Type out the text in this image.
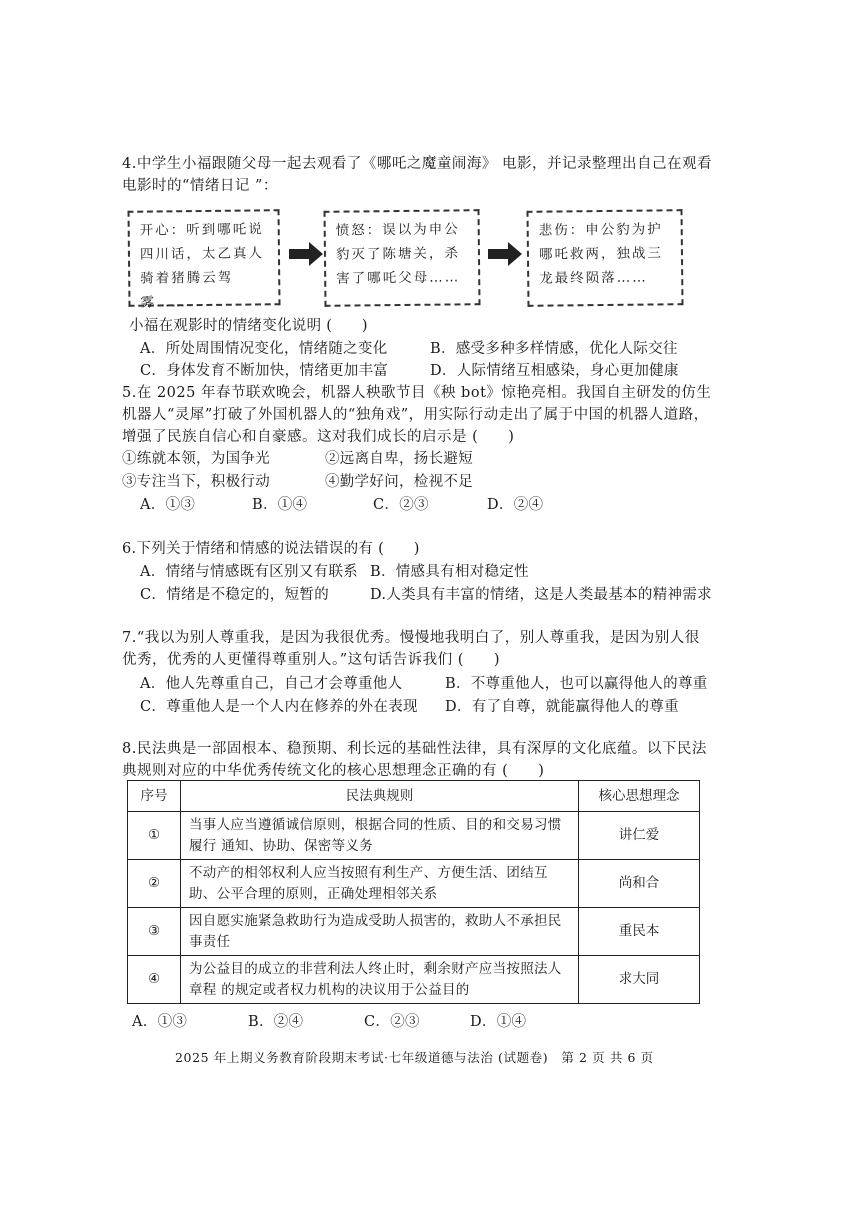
4.中学生小福跟随父母一起去观看了《哪吒之魔童闹海》 电影，并记录整理出自己在观看电影时的“情绪日记 ”：
开心：听到哪吒说四川话，太乙真人骑着猪腾云驾雾……
愤怒：误以为申公豹灭了陈塘关，杀害了哪吒父母……
悲伤：申公豹为护哪吒救两，独战三龙最终陨落……
小福在观影时的情绪变化说明 (　　)
A．所处周围情况变化，情绪随之变化	B．感受多种多样情感，优化人际交往
C．身体发育不断加快，情绪更加丰富	D．人际情绪互相感染，身心更加健康
5.在 2025 年春节联欢晚会，机器人秧歌节目《秧 bot》惊艳亮相。我国自主研发的仿生机器人“灵犀”打破了外国机器人的“独角戏”，用实际行动走出了属于中国的机器人道路，增强了民族自信心和自豪感。这对我们成长的启示是 (　　)
①练就本领，为国争光	②远离自卑，扬长避短
③专注当下，积极行动	④勤学好问，检视不足
A．①③	B．①④	C．②③	D．②④
6.下列关于情绪和情感的说法错误的有 (　　)
A．情绪与情感既有区别又有联系 B．情感具有相对稳定性
C．情绪是不稳定的，短暂的	D.人类具有丰富的情绪，这是人类最基本的精神需求
7.“我以为别人尊重我，是因为我很优秀。慢慢地我明白了，别人尊重我，是因为别人很优秀，优秀的人更懂得尊重别人。”这句话告诉我们 (　　)
A．他人先尊重自己，自己才会尊重他人	B．不尊重他人，也可以赢得他人的尊重
C．尊重他人是一个人内在修养的外在表现 D．有了自尊，就能赢得他人的尊重
8.民法典是一部固根本、稳预期、利长远的基础性法律，具有深厚的文化底蕴。以下民法典规则对应的中华优秀传统文化的核心思想理念正确的有 (　　)
序号	民法典规则	核心思想理念
①	当事人应当遵循诚信原则，根据合同的性质、目的和交易习惯履行 通知、协助、保密等义务	讲仁爱
②	不动产的相邻权利人应当按照有利生产、方便生活、团结互助、公平合理的原则，正确处理相邻关系	尚和合
③	因自愿实施紧急救助行为造成受助人损害的，救助人不承担民事责任	重民本
④	为公益目的成立的非营利法人终止时，剩余财产应当按照法人章程 的规定或者权力机构的决议用于公益目的	求大同
A．①③	B．②④	C．②③	D．①④
2025 年上期义务教育阶段期末考试·七年级道德与法治 (试题卷)　第 2 页 共 6 页
